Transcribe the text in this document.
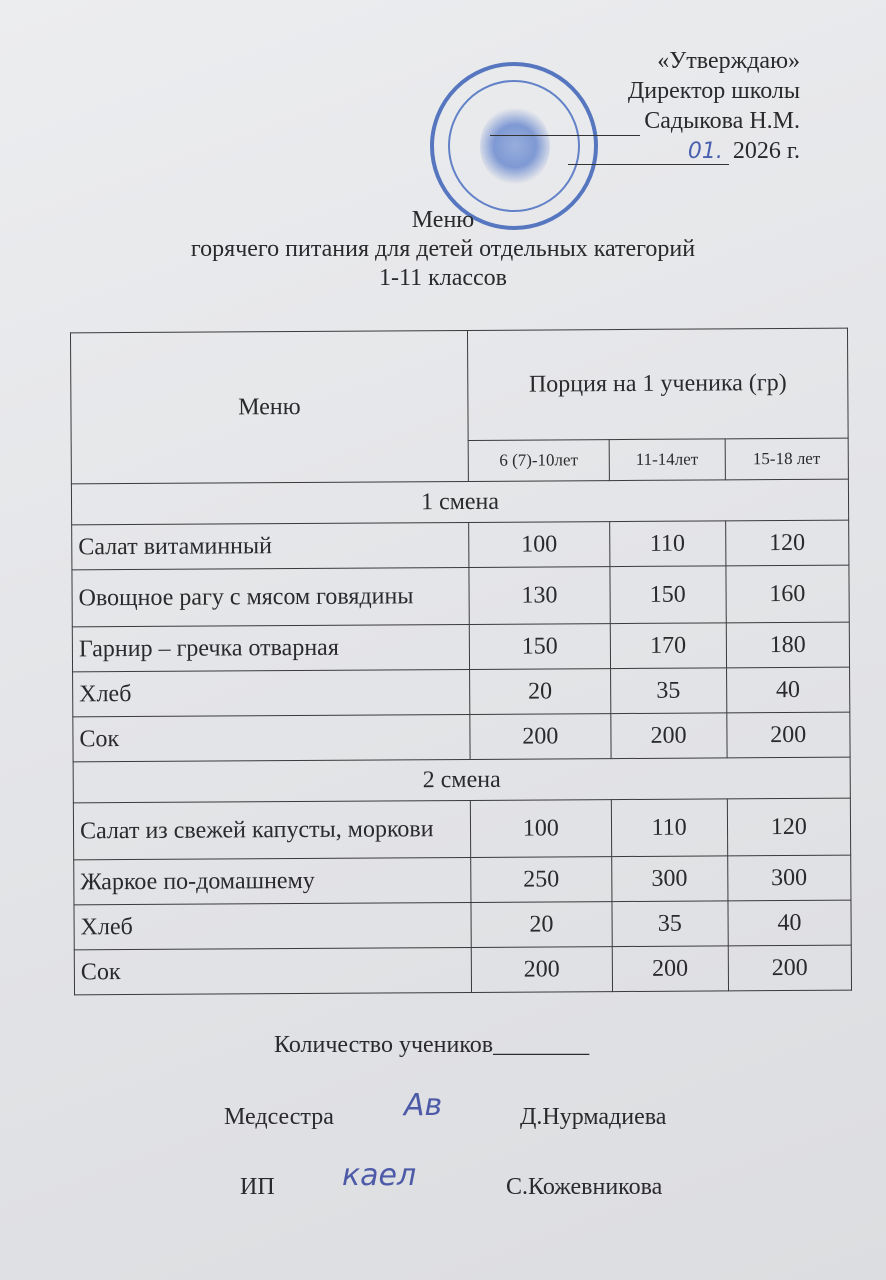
«Утверждаю»
Директор школы
Садыкова Н.М.
01. 2026 г.
Меню
горячего питания для детей отдельных категорий
1-11 классов
Меню	Порция на 1 ученика (гр)		
	6 (7)-10лет	11-14лет	15-18 лет
1 смена			
Салат витаминный	100	110	120
Овощное рагу с мясом говядины	130	150	160
Гарнир – гречка отварная	150	170	180
Хлеб	20	35	40
Сок	200	200	200
2 смена			
Салат из свежей капусты, моркови	100	110	120
Жаркое по-домашнему	250	300	300
Хлеб	20	35	40
Сок	200	200	200
Количество учеников________
Медсестра Ав	Д.Нурмадиева
ИП каел	С.Кожевникова
